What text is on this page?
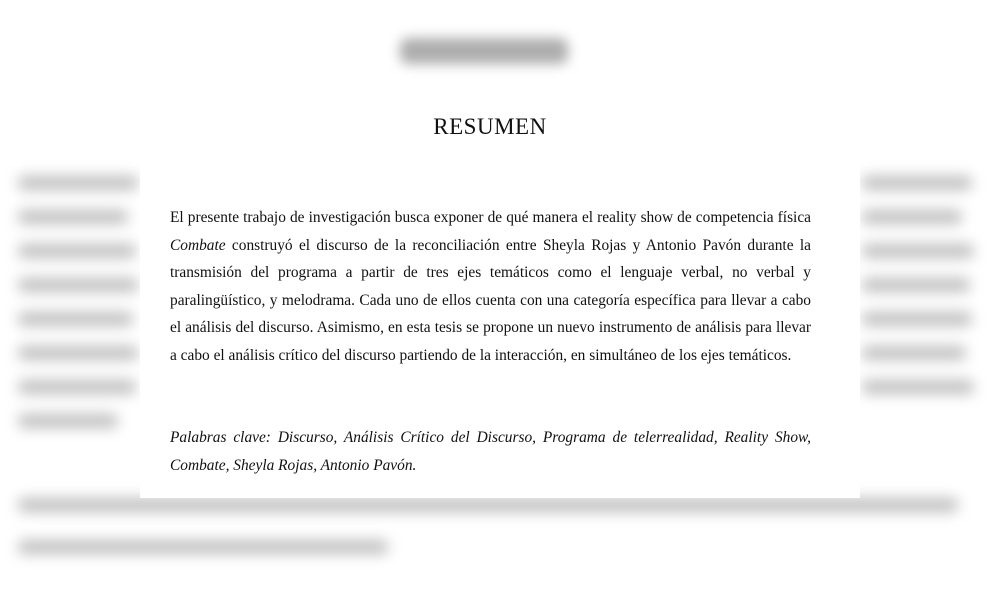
RESUMEN

El presente trabajo de investigación busca exponer de qué manera el reality show de competencia física Combate construyó el discurso de la reconciliación entre Sheyla Rojas y Antonio Pavón durante la transmisión del programa a partir de tres ejes temáticos como el lenguaje verbal, no verbal y paralingüístico, y melodrama. Cada uno de ellos cuenta con una categoría específica para llevar a cabo el análisis del discurso. Asimismo, en esta tesis se propone un nuevo instrumento de análisis para llevar a cabo el análisis crítico del discurso partiendo de la interacción, en simultáneo de los ejes temáticos.

Palabras clave: Discurso, Análisis Crítico del Discurso, Programa de telerrealidad, Reality Show, Combate, Sheyla Rojas, Antonio Pavón.
